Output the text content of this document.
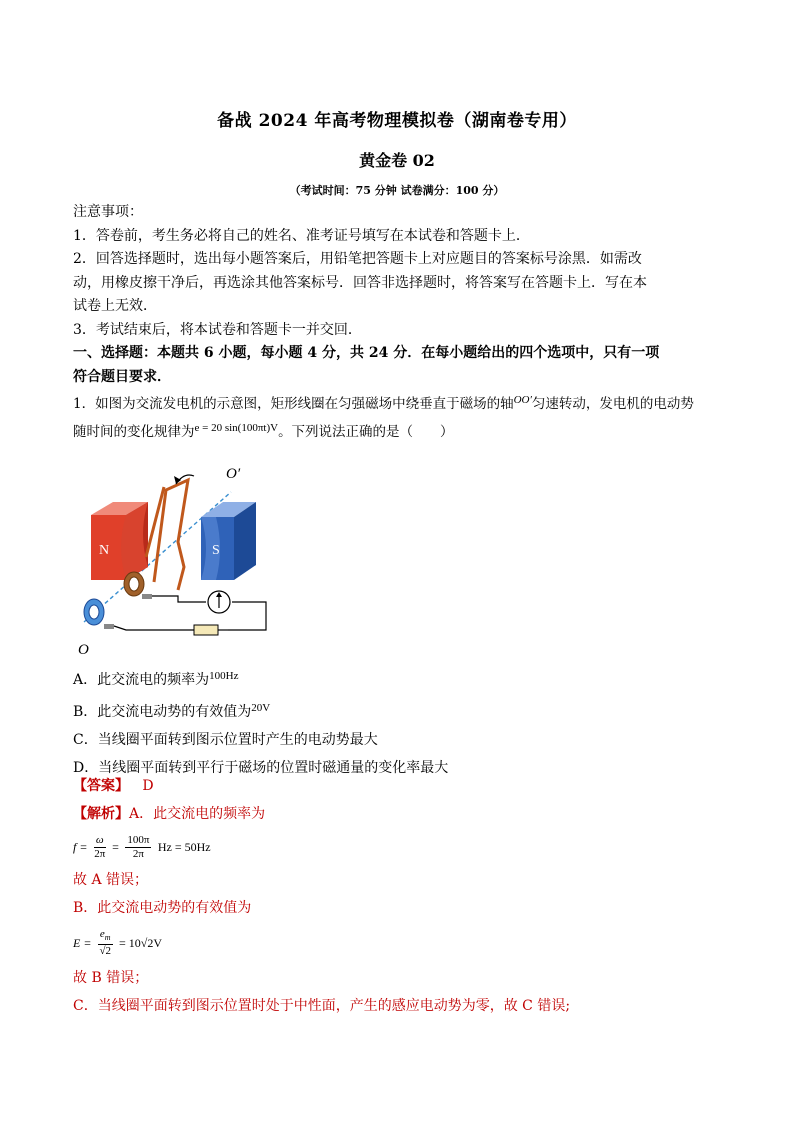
备战 2024 年高考物理模拟卷（湖南卷专用）
黄金卷 02
（考试时间：75 分钟 试卷满分：100 分）
注意事项：
1．答卷前，考生务必将自己的姓名、准考证号填写在本试卷和答题卡上．
2．回答选择题时，选出每小题答案后，用铅笔把答题卡上对应题目的答案标号涂黑．如需改
动，用橡皮擦干净后，再选涂其他答案标号．回答非选择题时，将答案写在答题卡上．写在本
试卷上无效．
3．考试结束后，将本试卷和答题卡一并交回．
一、选择题：本题共 6 小题，每小题 4 分，共 24 分．在每小题给出的四个选项中，只有一项
符合题目要求．
1．如图为交流发电机的示意图，矩形线圈在匀强磁场中绕垂直于磁场的轴$^{OO'}$匀速转动，发电机的电动势
随时间的变化规律为$^{e = 20 sin(100\pi t)V}$。下列说法正确的是（　　）
N	S
O′
O
A．此交流电的频率为$^{100Hz}$
B．此交流电动势的有效值为$^{20V}$
C．当线圈平面转到图示位置时产生的电动势最大
D．当线圈平面转到平行于磁场的位置时磁通量的变化率最大
【答案】 D
【解析】A．此交流电的频率为
$f = \frac{\omega}{2\pi} = \frac{100\pi}{2\pi}$ Hz = 50Hz
故 A 错误；
B．此交流电动势的有效值为
$E = \frac{e_m}{√2} = 10√2V$
故 B 错误；
C．当线圈平面转到图示位置时处于中性面，产生的感应电动势为零，故 C 错误;
